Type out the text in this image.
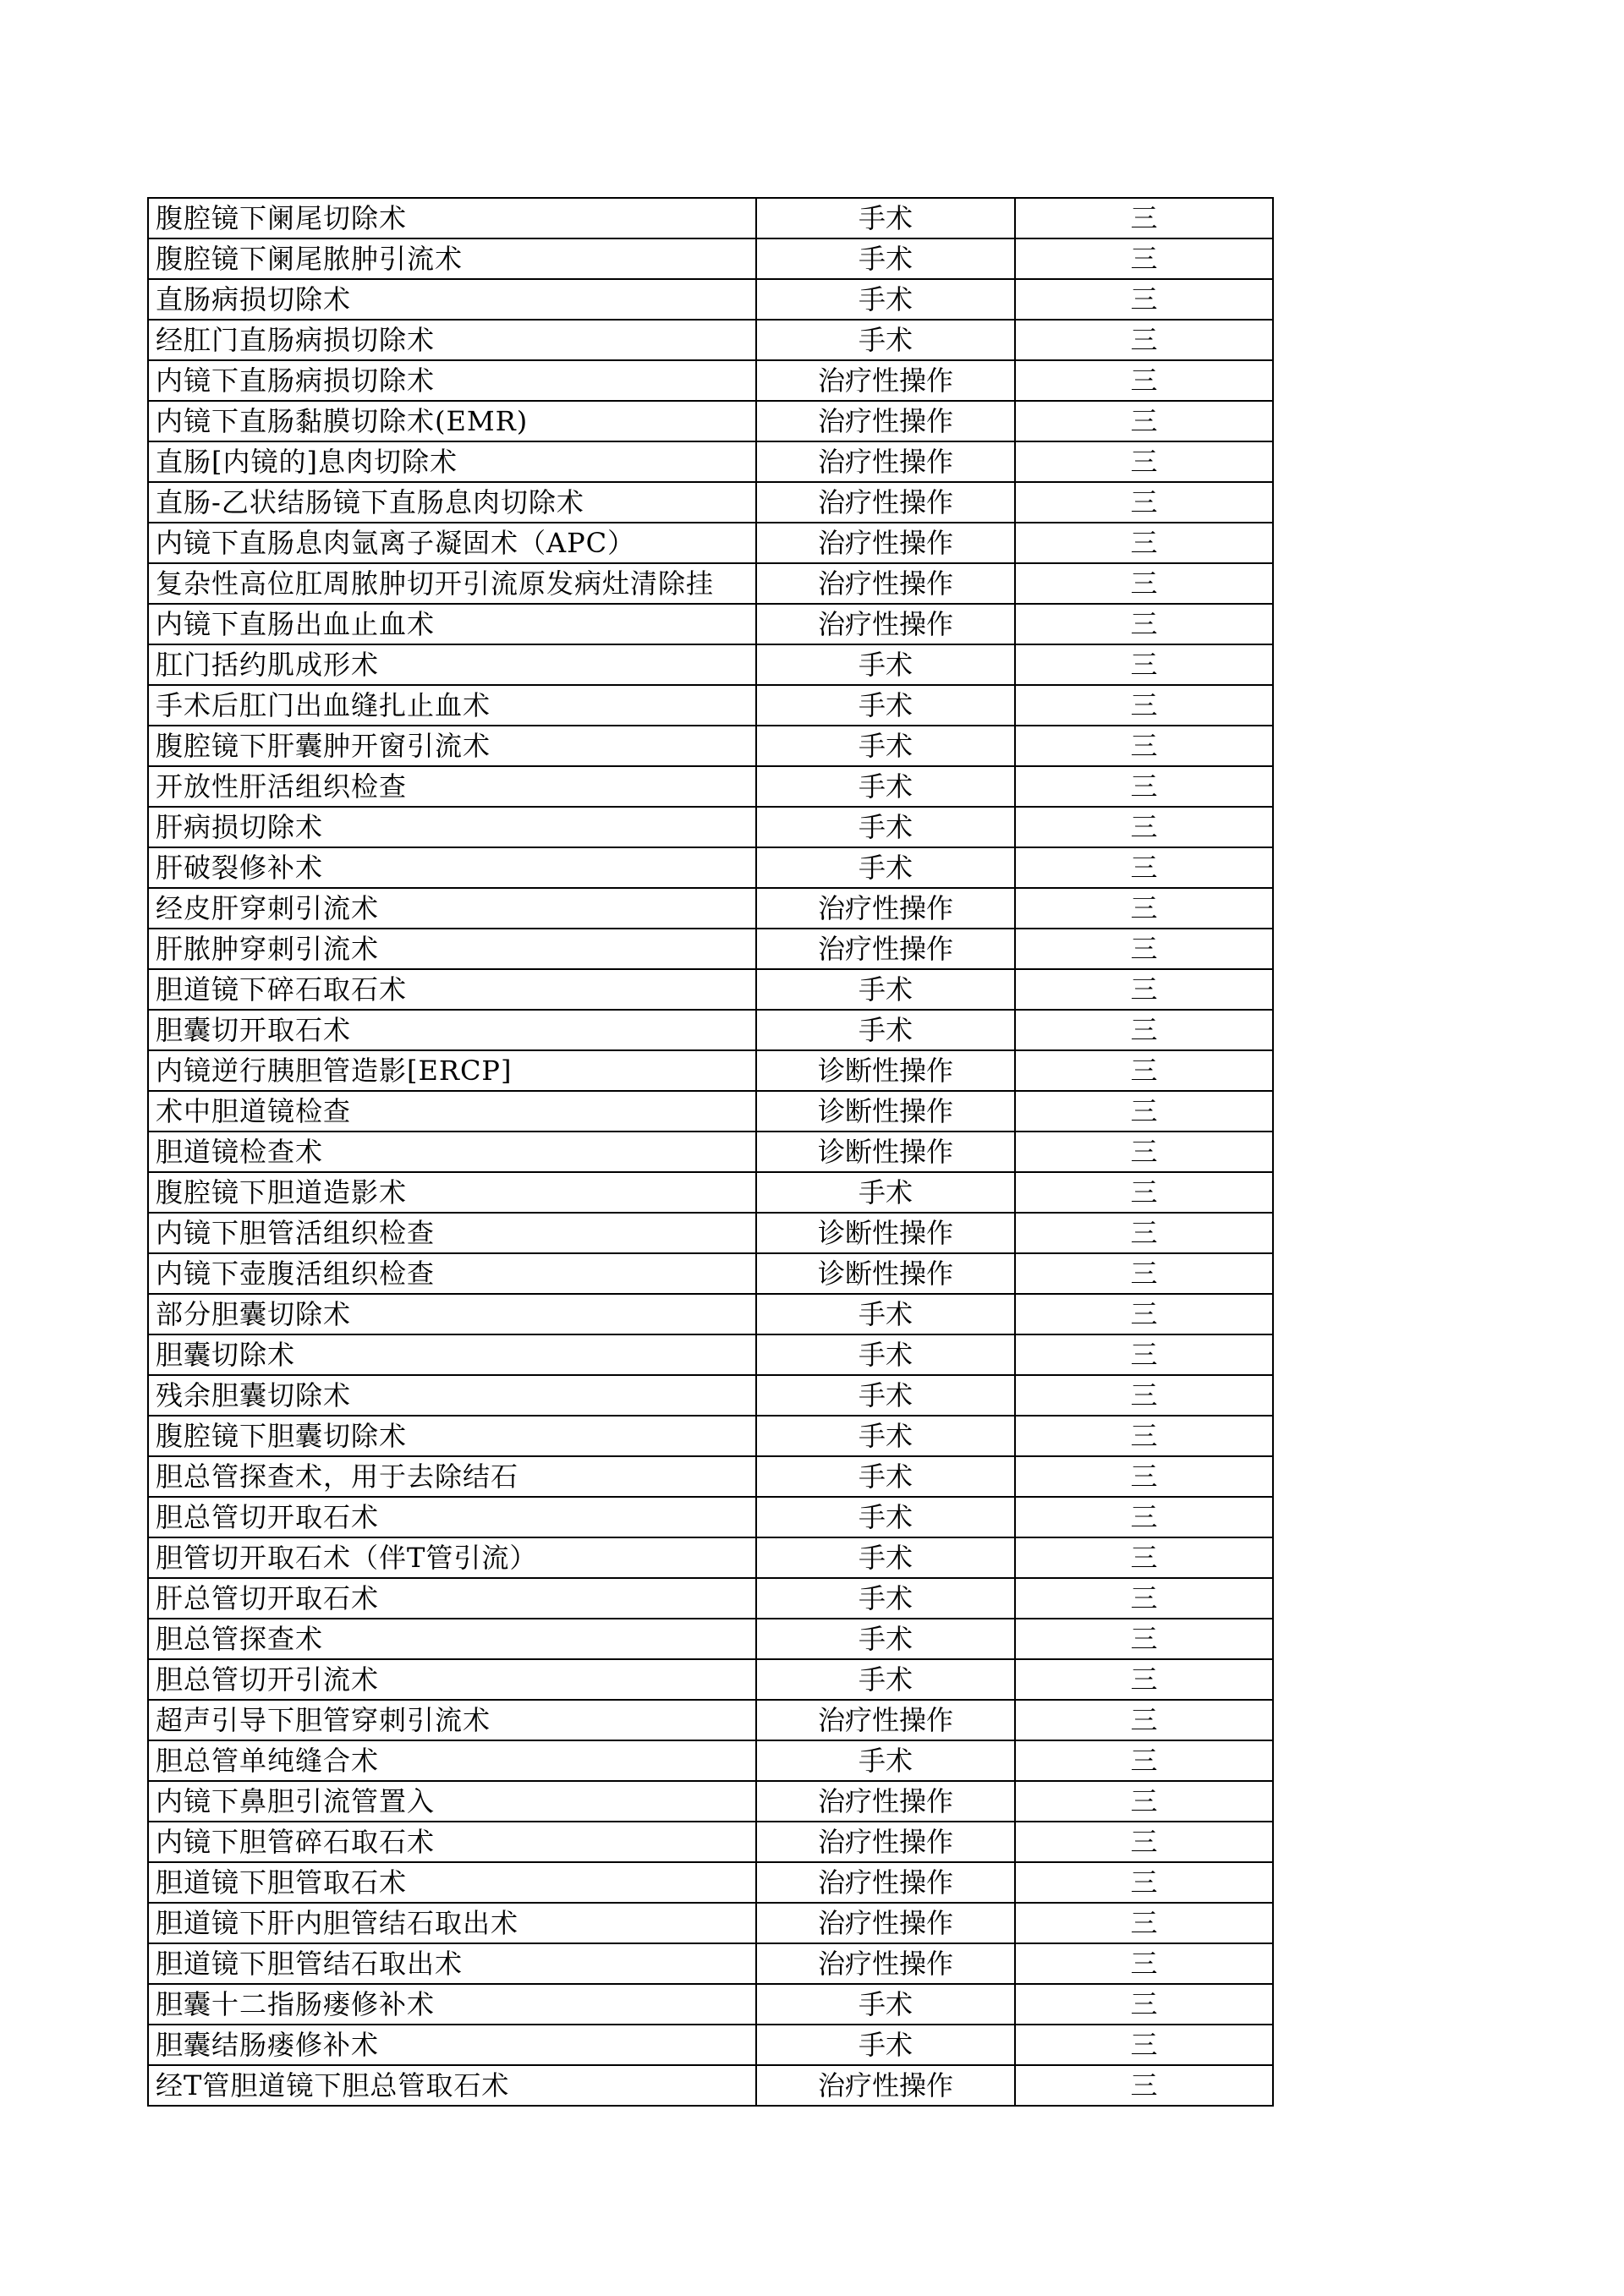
腹腔镜下阑尾切除术	手术	三
腹腔镜下阑尾脓肿引流术	手术	三
直肠病损切除术	手术	三
经肛门直肠病损切除术	手术	三
内镜下直肠病损切除术	治疗性操作	三
内镜下直肠黏膜切除术(EMR)	治疗性操作	三
直肠[内镜的]息肉切除术	治疗性操作	三
直肠-乙状结肠镜下直肠息肉切除术	治疗性操作	三
内镜下直肠息肉氩离子凝固术（APC）	治疗性操作	三
复杂性高位肛周脓肿切开引流原发病灶清除挂	治疗性操作	三
内镜下直肠出血止血术	治疗性操作	三
肛门括约肌成形术	手术	三
手术后肛门出血缝扎止血术	手术	三
腹腔镜下肝囊肿开窗引流术	手术	三
开放性肝活组织检查	手术	三
肝病损切除术	手术	三
肝破裂修补术	手术	三
经皮肝穿刺引流术	治疗性操作	三
肝脓肿穿刺引流术	治疗性操作	三
胆道镜下碎石取石术	手术	三
胆囊切开取石术	手术	三
内镜逆行胰胆管造影[ERCP]	诊断性操作	三
术中胆道镜检查	诊断性操作	三
胆道镜检查术	诊断性操作	三
腹腔镜下胆道造影术	手术	三
内镜下胆管活组织检查	诊断性操作	三
内镜下壶腹活组织检查	诊断性操作	三
部分胆囊切除术	手术	三
胆囊切除术	手术	三
残余胆囊切除术	手术	三
腹腔镜下胆囊切除术	手术	三
胆总管探查术，用于去除结石	手术	三
胆总管切开取石术	手术	三
胆管切开取石术（伴T管引流）	手术	三
肝总管切开取石术	手术	三
胆总管探查术	手术	三
胆总管切开引流术	手术	三
超声引导下胆管穿刺引流术	治疗性操作	三
胆总管单纯缝合术	手术	三
内镜下鼻胆引流管置入	治疗性操作	三
内镜下胆管碎石取石术	治疗性操作	三
胆道镜下胆管取石术	治疗性操作	三
胆道镜下肝内胆管结石取出术	治疗性操作	三
胆道镜下胆管结石取出术	治疗性操作	三
胆囊十二指肠瘘修补术	手术	三
胆囊结肠瘘修补术	手术	三
经T管胆道镜下胆总管取石术	治疗性操作	三
